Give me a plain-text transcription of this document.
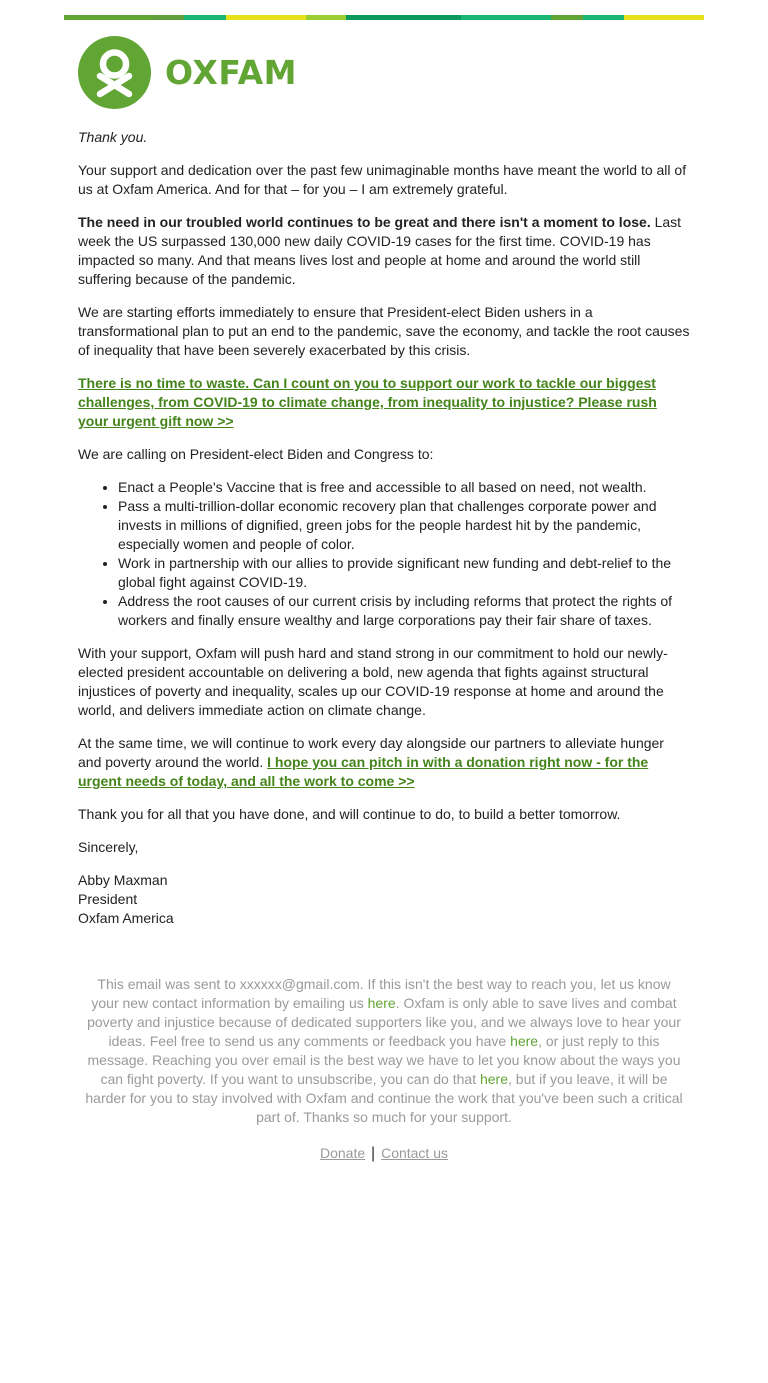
OXFAM

Thank you.

Your support and dedication over the past few unimaginable months have meant the world to all of us at Oxfam America. And for that – for you – I am extremely grateful.

The need in our troubled world continues to be great and there isn't a moment to lose. Last week the US surpassed 130,000 new daily COVID-19 cases for the first time. COVID-19 has impacted so many. And that means lives lost and people at home and around the world still suffering because of the pandemic.

We are starting efforts immediately to ensure that President-elect Biden ushers in a transformational plan to put an end to the pandemic, save the economy, and tackle the root causes of inequality that have been severely exacerbated by this crisis.

There is no time to waste. Can I count on you to support our work to tackle our biggest challenges, from COVID-19 to climate change, from inequality to injustice? Please rush your urgent gift now >>

We are calling on President-elect Biden and Congress to:

• Enact a People's Vaccine that is free and accessible to all based on need, not wealth.
• Pass a multi-trillion-dollar economic recovery plan that challenges corporate power and invests in millions of dignified, green jobs for the people hardest hit by the pandemic, especially women and people of color.
• Work in partnership with our allies to provide significant new funding and debt-relief to the global fight against COVID-19.
• Address the root causes of our current crisis by including reforms that protect the rights of workers and finally ensure wealthy and large corporations pay their fair share of taxes.

With your support, Oxfam will push hard and stand strong in our commitment to hold our newly-elected president accountable on delivering a bold, new agenda that fights against structural injustices of poverty and inequality, scales up our COVID-19 response at home and around the world, and delivers immediate action on climate change.

At the same time, we will continue to work every day alongside our partners to alleviate hunger and poverty around the world. I hope you can pitch in with a donation right now - for the urgent needs of today, and all the work to come >>

Thank you for all that you have done, and will continue to do, to build a better tomorrow.

Sincerely,

Abby Maxman
President
Oxfam America

This email was sent to xxxxxx@gmail.com. If this isn't the best way to reach you, let us know your new contact information by emailing us here. Oxfam is only able to save lives and combat poverty and injustice because of dedicated supporters like you, and we always love to hear your ideas. Feel free to send us any comments or feedback you have here, or just reply to this message. Reaching you over email is the best way we have to let you know about the ways you can fight poverty. If you want to unsubscribe, you can do that here, but if you leave, it will be harder for you to stay involved with Oxfam and continue the work that you've been such a critical part of. Thanks so much for your support.
Donate | Contact us
